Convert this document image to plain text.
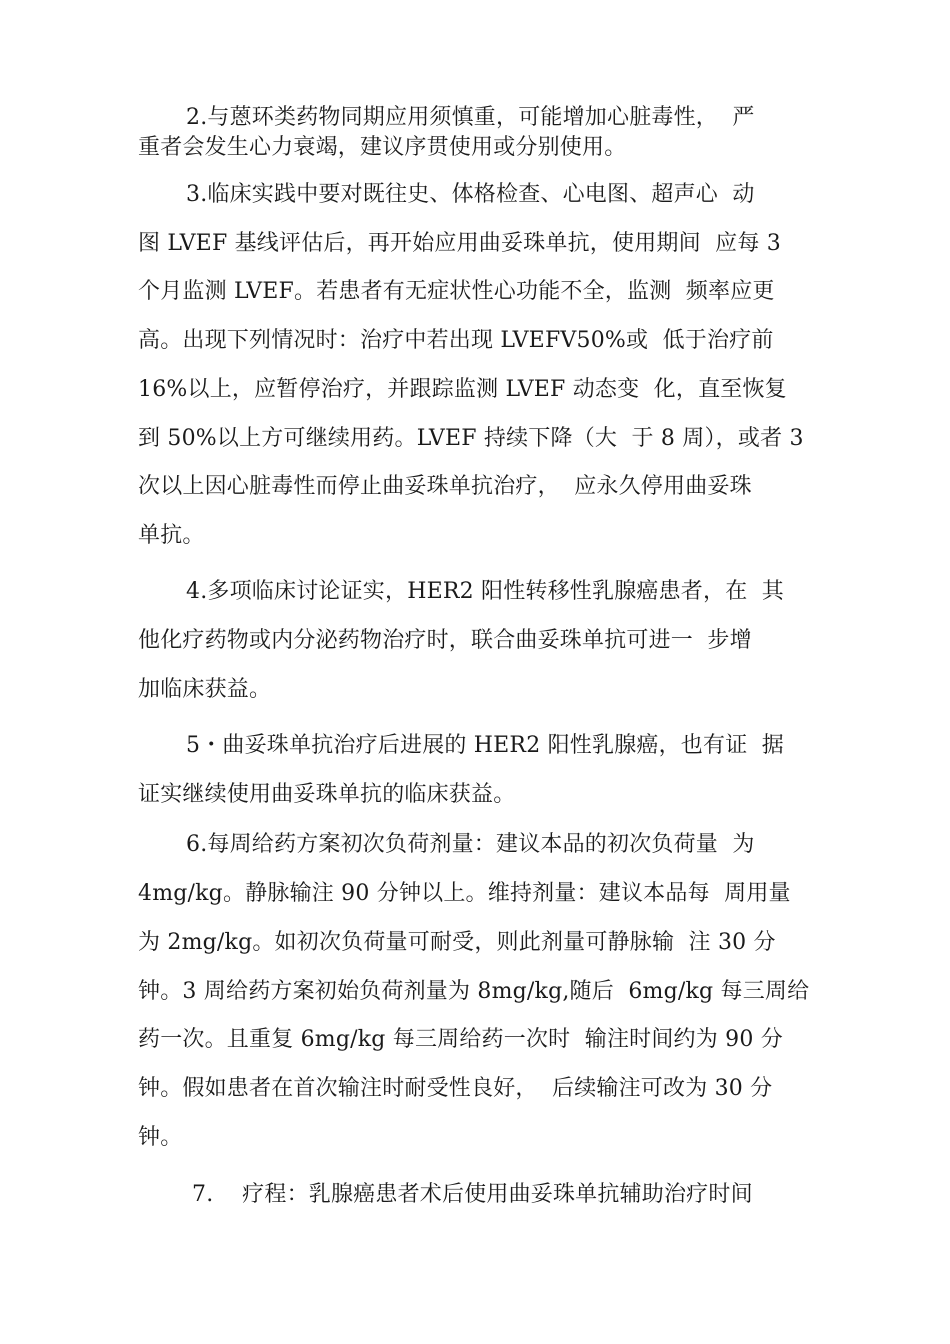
2.与蒽环类药物同期应用须慎重，可能增加心脏毒性，  严
重者会发生心力衰竭，建议序贯使用或分别使用。
3.临床实践中要对既往史、体格检查、心电图、超声心  动
图 LVEF 基线评估后，再开始应用曲妥珠单抗，使用期间  应每 3
个月监测 LVEF。若患者有无症状性心功能不全，监测  频率应更
高。出现下列情况时：治疗中若出现 LVEFV50%或  低于治疗前
16%以上，应暂停治疗，并跟踪监测 LVEF 动态变  化，直至恢复
到 50%以上方可继续用药。LVEF 持续下降（大  于 8 周），或者 3
次以上因心脏毒性而停止曲妥珠单抗治疗，  应永久停用曲妥珠
单抗。
4.多项临床讨论证实，HER2 阳性转移性乳腺癌患者，在  其
他化疗药物或内分泌药物治疗时，联合曲妥珠单抗可进一  步增
加临床获益。
5・曲妥珠单抗治疗后进展的 HER2 阳性乳腺癌，也有证  据
证实继续使用曲妥珠单抗的临床获益。
6.每周给药方案初次负荷剂量：建议本品的初次负荷量  为
4mg/kg。静脉输注 90 分钟以上。维持剂量：建议本品每  周用量
为 2mg/kg。如初次负荷量可耐受，则此剂量可静脉输  注 30 分
钟。3 周给药方案初始负荷剂量为 8mg/kg,随后  6mg/kg 每三周给
药一次。且重复 6mg/kg 每三周给药一次时  输注时间约为 90 分
钟。假如患者在首次输注时耐受性良好，  后续输注可改为 30 分
钟。
7.    疗程：乳腺癌患者术后使用曲妥珠单抗辅助治疗时间
